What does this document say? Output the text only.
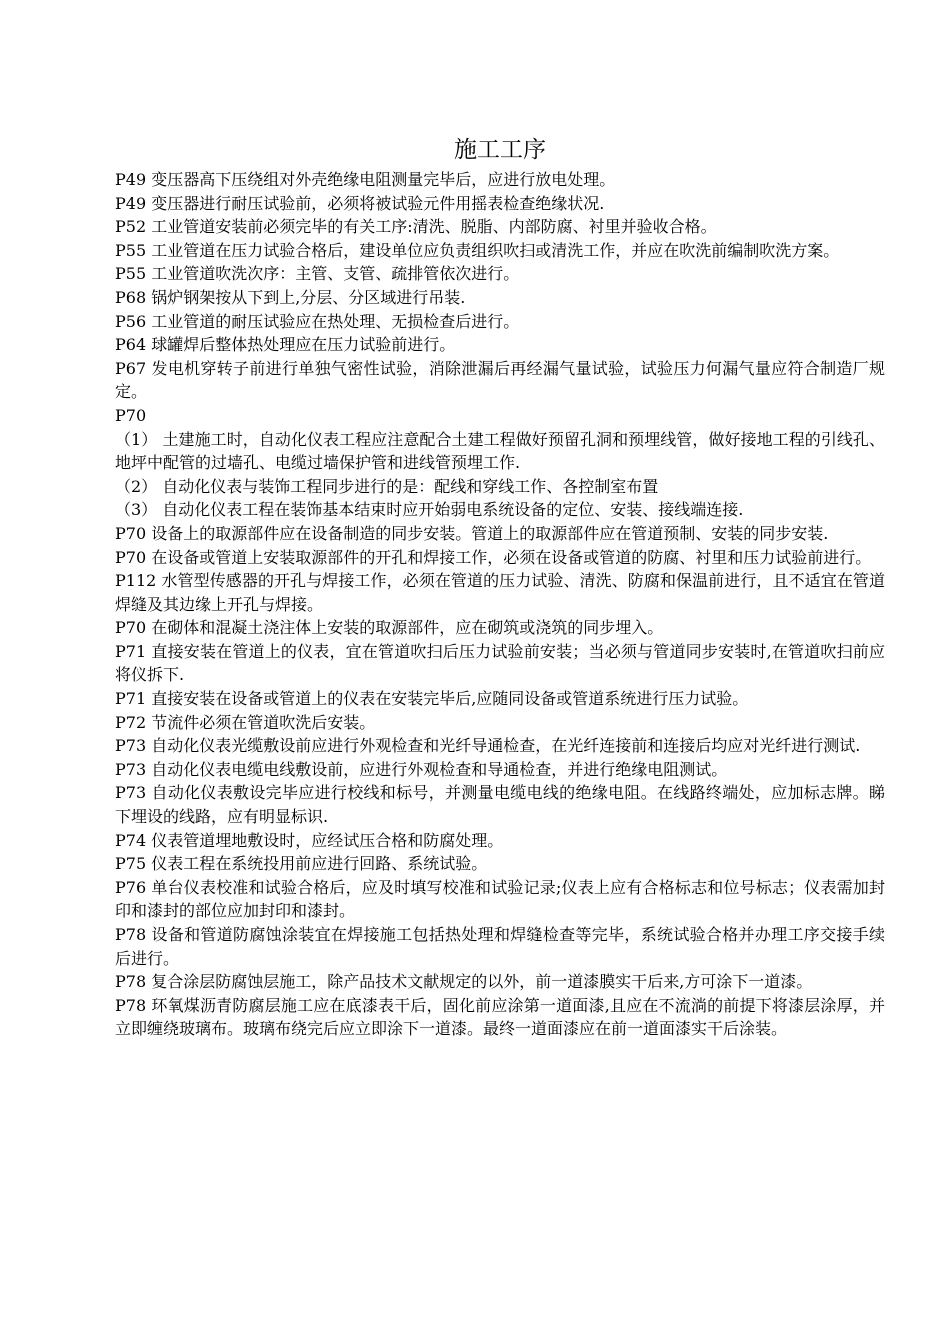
施工工序

P49 变压器高下压绕组对外壳绝缘电阻测量完毕后，应进行放电处理。

P49 变压器进行耐压试验前，必须将被试验元件用摇表检查绝缘状况.

P52 工业管道安装前必须完毕的有关工序:清洗、脱脂、内部防腐、衬里并验收合格。

P55 工业管道在压力试验合格后，建设单位应负责组织吹扫或清洗工作，并应在吹洗前编制吹洗方案。

P55 工业管道吹洗次序：主管、支管、疏排管依次进行。

P68 锅炉钢架按从下到上,分层、分区域进行吊装.

P56 工业管道的耐压试验应在热处理、无损检查后进行。

P64 球罐焊后整体热处理应在压力试验前进行。

P67 发电机穿转子前进行单独气密性试验，消除泄漏后再经漏气量试验，试验压力何漏气量应符合制造厂规定。

P70

（1） 土建施工时，自动化仪表工程应注意配合土建工程做好预留孔洞和预埋线管，做好接地工程的引线孔、地坪中配管的过墙孔、电缆过墙保护管和进线管预埋工作.

（2） 自动化仪表与装饰工程同步进行的是：配线和穿线工作、各控制室布置

（3） 自动化仪表工程在装饰基本结束时应开始弱电系统设备的定位、安装、接线端连接.

P70 设备上的取源部件应在设备制造的同步安装。管道上的取源部件应在管道预制、安装的同步安装.

P70 在设备或管道上安装取源部件的开孔和焊接工作，必须在设备或管道的防腐、衬里和压力试验前进行。

P112 水管型传感器的开孔与焊接工作，必须在管道的压力试验、清洗、防腐和保温前进行，且不适宜在管道焊缝及其边缘上开孔与焊接。

P70 在砌体和混凝土浇注体上安装的取源部件，应在砌筑或浇筑的同步埋入。

P71 直接安装在管道上的仪表，宜在管道吹扫后压力试验前安装；当必须与管道同步安装时,在管道吹扫前应将仪拆下.

P71 直接安装在设备或管道上的仪表在安装完毕后,应随同设备或管道系统进行压力试验。

P72 节流件必须在管道吹洗后安装。

P73 自动化仪表光缆敷设前应进行外观检查和光纤导通检查，在光纤连接前和连接后均应对光纤进行测试.

P73 自动化仪表电缆电线敷设前，应进行外观检查和导通检查，并进行绝缘电阻测试。

P73 自动化仪表敷设完毕应进行校线和标号，并测量电缆电线的绝缘电阻。在线路终端处，应加标志牌。睇下埋设的线路，应有明显标识.

P74 仪表管道埋地敷设时，应经试压合格和防腐处理。

P75 仪表工程在系统投用前应进行回路、系统试验。

P76 单台仪表校准和试验合格后，应及时填写校准和试验记录;仪表上应有合格标志和位号标志；仪表需加封印和漆封的部位应加封印和漆封。

P78 设备和管道防腐蚀涂装宜在焊接施工包括热处理和焊缝检查等完毕，系统试验合格并办理工序交接手续后进行。

P78 复合涂层防腐蚀层施工，除产品技术文献规定的以外，前一道漆膜实干后来,方可涂下一道漆。

P78 环氧煤沥青防腐层施工应在底漆表干后，固化前应涂第一道面漆,且应在不流淌的前提下将漆层涂厚，并立即缠绕玻璃布。玻璃布绕完后应立即涂下一道漆。最终一道面漆应在前一道面漆实干后涂装。
